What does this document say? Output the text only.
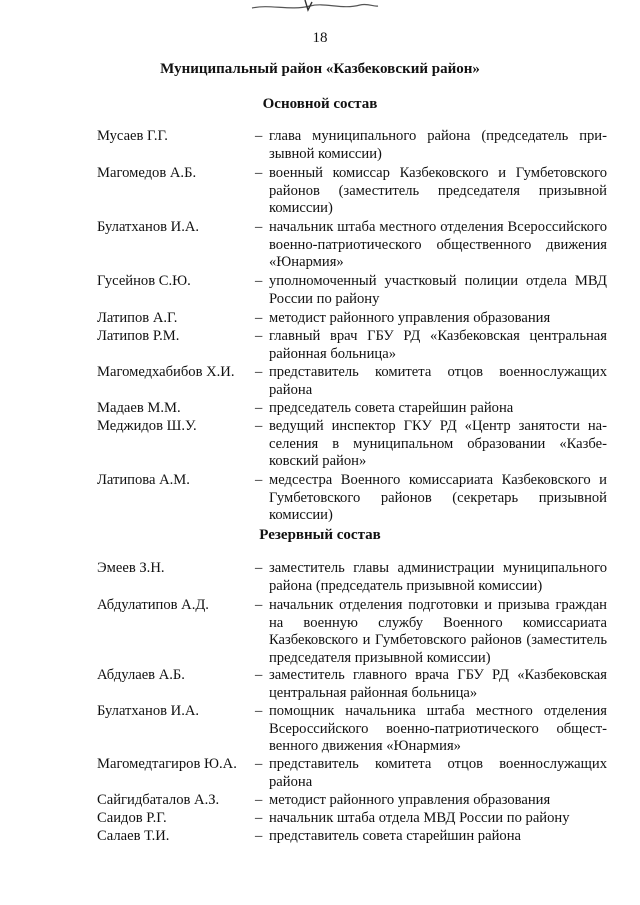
18
Муниципальный район «Казбековский район»
Основной состав
Мусаев Г.Г.	– глава муниципального района (председатель призывной комиссии)
Магомедов А.Б.	– военный комиссар Казбековского и Гумбетовского районов (заместитель председателя призывной комиссии)
Булатханов И.А.	– начальник штаба местного отделения Всероссийского военно-патриотического общественного движения «Юнармия»
Гусейнов С.Ю.	– уполномоченный участковый полиции отдела МВД России по району
Латипов А.Г.	– методист районного управления образования
Латипов Р.М.	– главный врач ГБУ РД «Казбековская центральная районная больница»
Магомедхабибов Х.И.	– представитель комитета отцов военнослужащих района
Мадаев М.М.	– председатель совета старейшин района
Меджидов Ш.У.	– ведущий инспектор ГКУ РД «Центр занятости населения в муниципальном образовании «Казбековский район»
Латипова А.М.	– медсестра Военного комиссариата Казбековского и Гумбетовского районов (секретарь призывной комиссии)
Резервный состав
Эмеев З.Н.	– заместитель главы администрации муниципального района (председатель призывной комиссии)
Абдулатипов А.Д.	– начальник отделения подготовки и призыва граждан на военную службу Военного комиссариата Казбековского и Гумбетовского районов (заместитель председателя призывной комиссии)
Абдулаев А.Б.	– заместитель главного врача ГБУ РД «Казбековская центральная районная больница»
Булатханов И.А.	– помощник начальника штаба местного отделения Всероссийского военно-патриотического общественного движения «Юнармия»
Магомедтагиров Ю.А.	– представитель комитета отцов военнослужащих района
Сайгидбаталов А.З.	– методист районного управления образования
Саидов Р.Г.	– начальник штаба отдела МВД России по району
Салаев Т.И.	– представитель совета старейшин района
